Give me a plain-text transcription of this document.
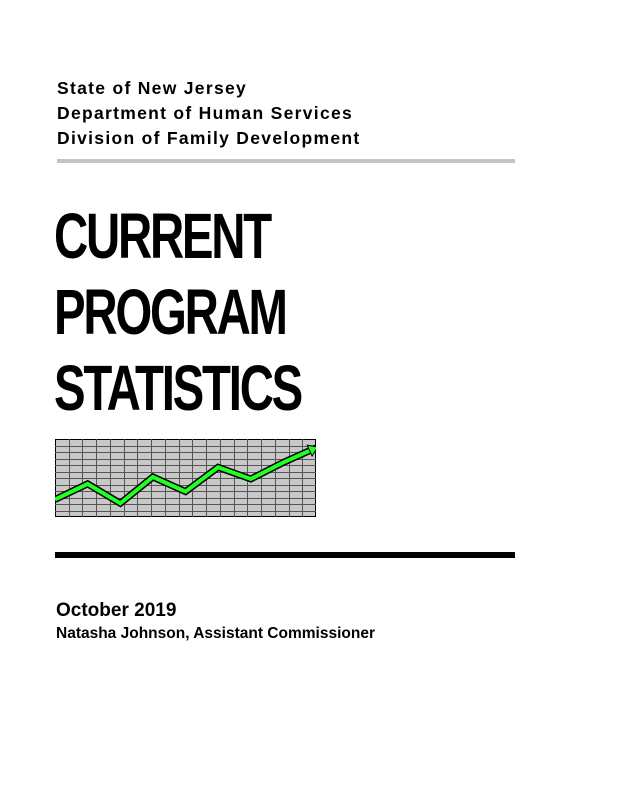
State of New Jersey
Department of Human Services
Division of Family Development
CURRENT
PROGRAM
STATISTICS
October 2019
Natasha Johnson, Assistant Commissioner
